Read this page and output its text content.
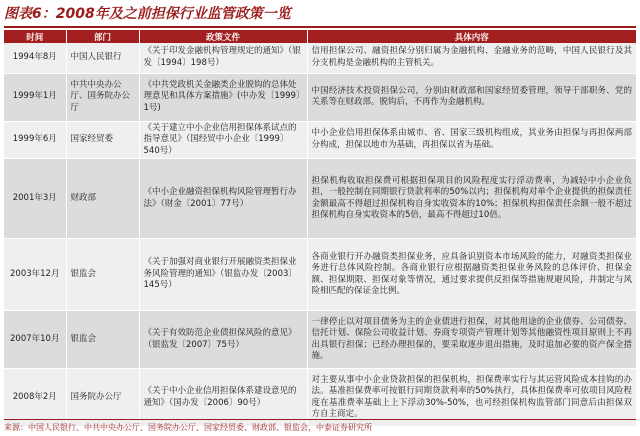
图表6：2008年及之前担保行业监管政策一览
时间	部门	政策文件	具体内容
1994年8月	中国人民银行	《关于印发金融机构管理规定的通知》（银发〔1994〕198号）	信用担保公司、融资担保分别归属为金融机构、金融业务的范畴，中国人民银行及其分支机构是金融机构的主管机关。
1999年1月	中共中央办公厅、国务院办公厅	《中共党政机关金融类企业脱钩的总体处理意见和具体方案措施》(中办发〔1999〕1号)	中国经济技术投资担保公司，分别由财政部和国家经贸委管理，领导干部职务、党的关系等在财政部。脱钩后，不再作为金融机构。
1999年6月	国家经贸委	《关于建立中小企业信用担保体系试点的指导意见》（国经贸中小企业〔1999〕540号）	中小企业信用担保体系由城市、省、国家三级机构组成，其业务由担保与再担保两部分构成，担保以地市为基础，再担保以省为基础。
2001年3月	财政部	《中小企业融资担保机构风险管理暂行办法》（财金〔2001〕77号）	担保机构收取担保费可根据担保项目的风险程度实行浮动费率，为减轻中小企业负担，一般控制在同期银行贷款利率的50%以内；担保机构对单个企业提供的担保责任金额最高不得超过担保机构自身实收资本的10%；担保机构担保责任余额一般不超过担保机构自身实收资本的5倍，最高不得超过10倍。
2003年12月	银监会	《关于加强对商业银行开展融资类担保业务风险管理的通知》（银监办发〔2003〕145号）	各商业银行开办融资类担保业务，应具备识别资本市场风险的能力，对融资类担保业务进行总体风险控制。各商业银行应根据融资类担保业务风险的总体评价、担保金额、担保期限、担保对象等情况，通过要求提供反担保等措施规避风险，并制定与风险相匹配的保证金比例。
2007年10月	银监会	《关于有效防范企业债担保风险的意见》（银监发〔2007〕75号）	一律停止以对项目债务为主的企业债进行担保，对其他用途的企业债券、公司债券、信托计划、保险公司收益计划、券商专项资产管理计划等其他融资性项目原则上不再出具银行担保；已经办理担保的，要采取逐步退出措施，及时追加必要的资产保全措施。
2008年2月	国务院办公厅	《关于中小企业信用担保体系建设意见的通知》（国办发〔2006〕90号）	对主要从事中小企业贷款担保的担保机构，担保费率实行与其运营风险成本挂钩的办法。基准担保费率可按银行同期贷款利率的50%执行，具体担保费率可依项目风险程度在基准费率基础上上下浮动30%-50%，也可经担保机构监管部门同意后由担保双方自主商定。
来源：中国人民银行、中共中央办公厅、国务院办公厅、国家经贸委、财政部、银监会，中泰证券研究所
